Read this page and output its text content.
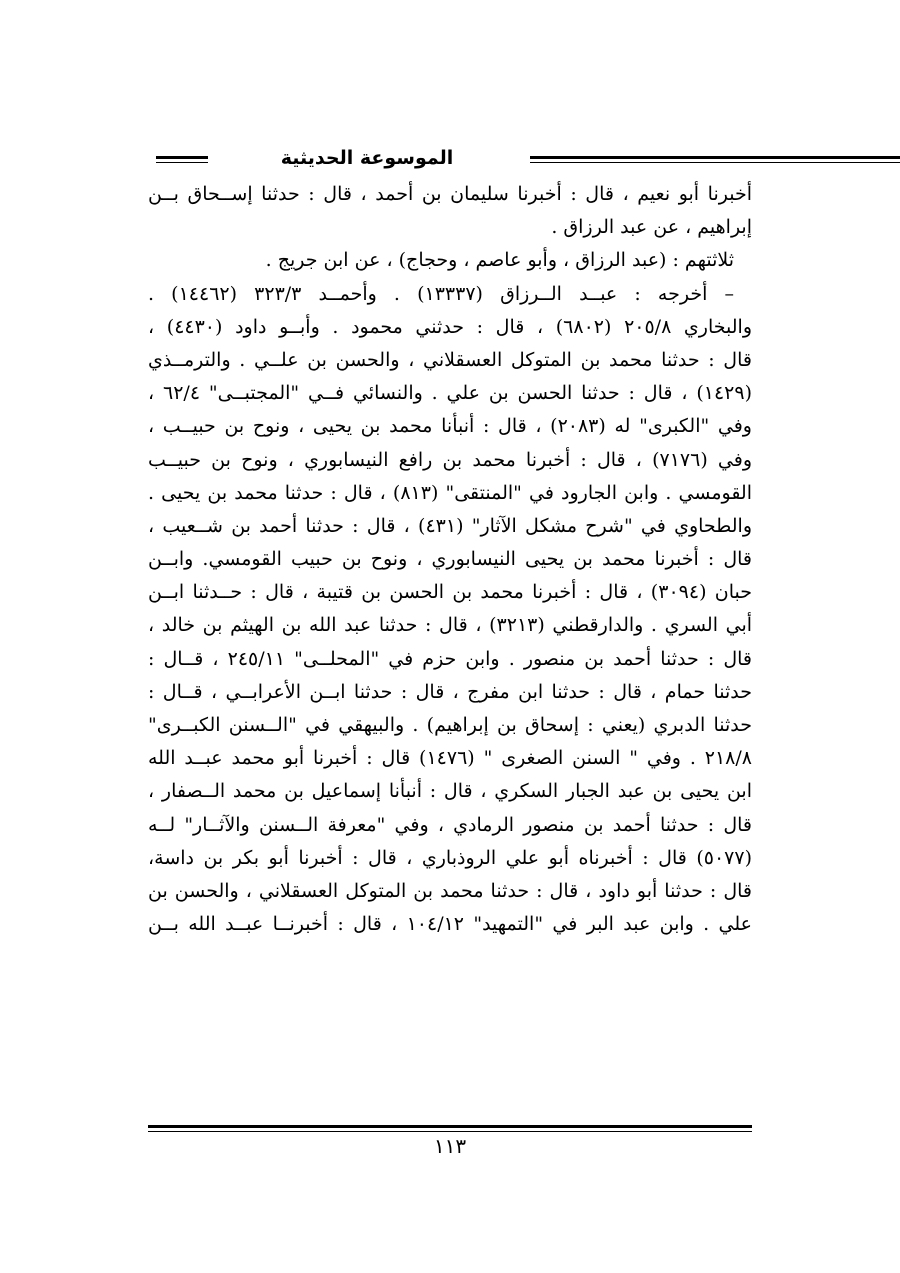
الموسوعة الحديثية
أخبرنا أبو نعيم ، قال : أخبرنا سليمان بن أحمد ، قال : حدثنا إســحاق بــن
إبراهيم ، عن عبد الرزاق .
ثلاثتهم : (عبد الرزاق ، وأبو عاصم ، وحجاج) ، عن ابن جريج .
– أخرجه : عبــد الــرزاق (١٣٣٣٧) . وأحمــد ٣٢٣/٣ (١٤٤٦٢) .
والبخاري ٢٠٥/٨ (٦٨٠٢) ، قال : حدثني محمود . وأبــو داود (٤٤٣٠) ،
قال : حدثنا محمد بن المتوكل العسقلاني ، والحسن بن علــي . والترمــذي
(١٤٢٩) ، قال : حدثنا الحسن بن علي . والنسائي فــي "المجتبــى" ٦٢/٤ ،
وفي "الكبرى" له (٢٠٨٣) ، قال : أنبأنا محمد بن يحيى ، ونوح بن حبيــب ،
وفي (٧١٧٦) ، قال : أخبرنا محمد بن رافع النيسابوري ، ونوح بن حبيــب
القومسي . وابن الجارود في "المنتقى" (٨١٣) ، قال : حدثنا محمد بن يحيى .
والطحاوي في "شرح مشكل الآثار" (٤٣١) ، قال : حدثنا أحمد بن شــعيب ،
قال : أخبرنا محمد بن يحيى النيسابوري ، ونوح بن حبيب القومسي. وابــن
حبان (٣٠٩٤) ، قال : أخبرنا محمد بن الحسن بن قتيبة ، قال : حــدثنا ابــن
أبي السري . والدارقطني (٣٢١٣) ، قال : حدثنا عبد الله بن الهيثم بن خالد ،
قال : حدثنا أحمد بن منصور . وابن حزم في "المحلــى" ٢٤٥/١١ ، قــال :
حدثنا حمام ، قال : حدثنا ابن مفرج ، قال : حدثنا ابــن الأعرابــي ، قــال :
حدثنا الدبري (يعني : إسحاق بن إبراهيم) . والبيهقي في "الــسنن الكبــرى"
٢١٨/٨ . وفي " السنن الصغرى " (١٤٧٦) قال : أخبرنا أبو محمد عبــد الله
ابن يحيى بن عبد الجبار السكري ، قال : أنبأنا إسماعيل بن محمد الــصفار ،
قال : حدثنا أحمد بن منصور الرمادي ، وفي "معرفة الــسنن والآثــار" لــه
(٥٠٧٧) قال : أخبرناه أبو علي الروذباري ، قال : أخبرنا أبو بكر بن داسة،
قال : حدثنا أبو داود ، قال : حدثنا محمد بن المتوكل العسقلاني ، والحسن بن
علي . وابن عبد البر في "التمهيد" ١٠٤/١٢ ، قال : أخبرنــا عبــد الله بــن
١١٣
